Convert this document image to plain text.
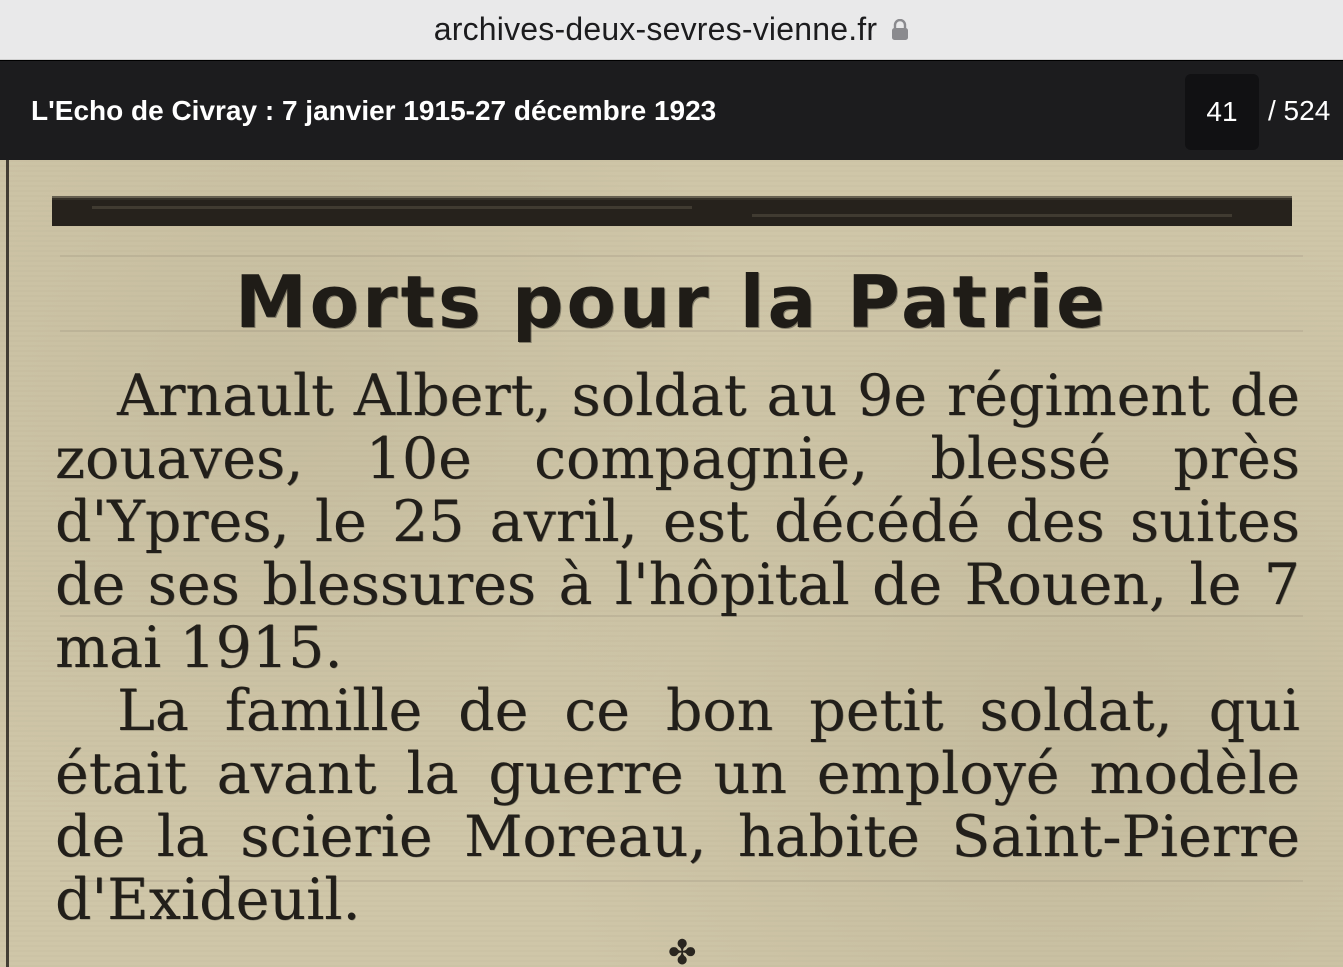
archives-deux-sevres-vienne.fr
L'Echo de Civray : 7 janvier 1915-27 décembre 1923	41 / 524
Morts pour la Patrie

Arnault Albert, soldat au 9e régiment de zouaves, 10e compagnie, blessé près d'Ypres, le 25 avril, est décédé des suites de ses blessures à l'hôpital de Rouen, le 7 mai 1915.

La famille de ce bon petit soldat, qui était avant la guerre un employé modèle de la scierie Moreau, habite Saint-Pierre d'Exideuil.

✤
